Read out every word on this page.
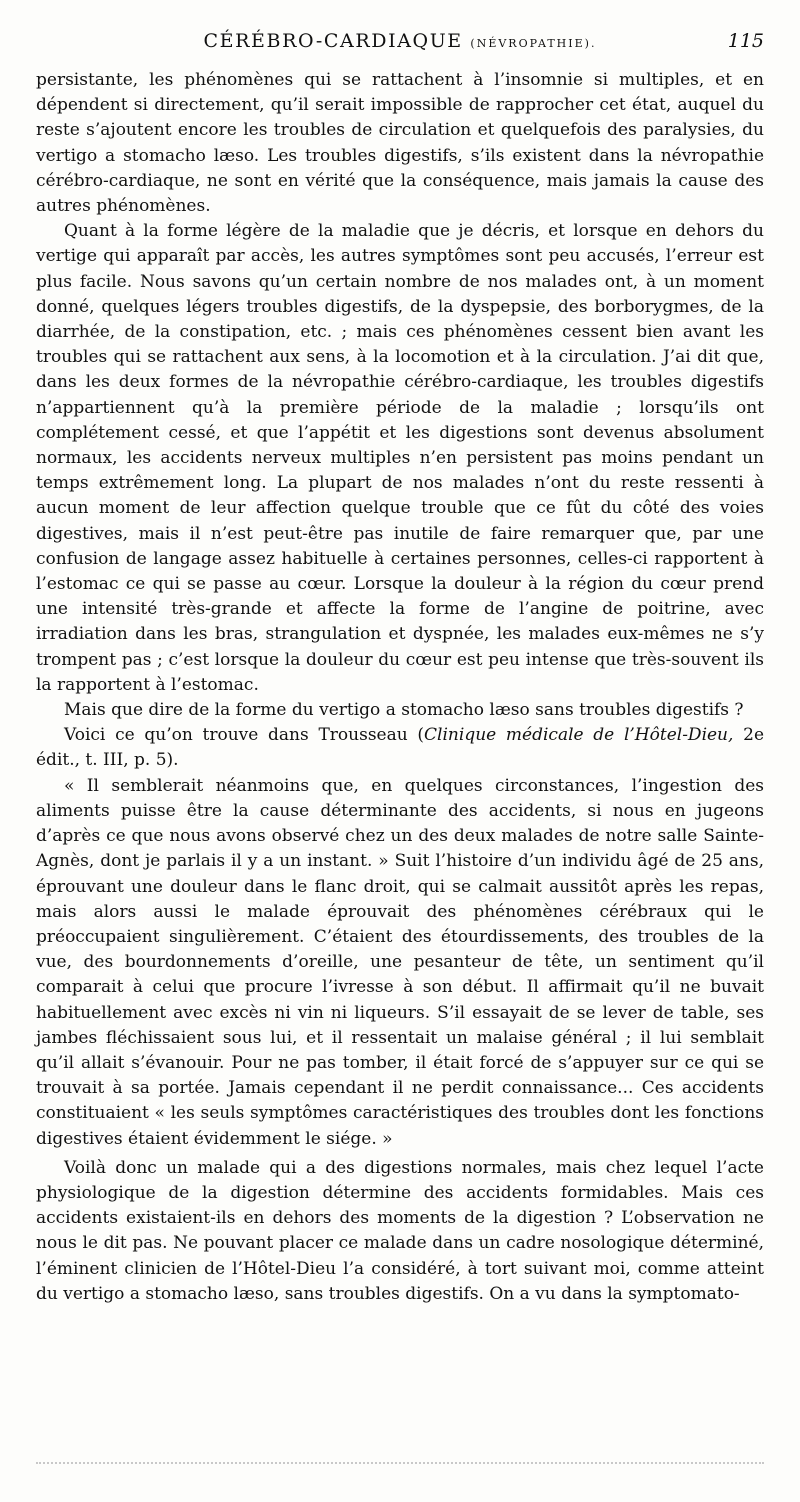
CÉRÉBRO-CARDIAQUE (NÉVROPATHIE).	115

persistante, les phénomènes qui se rattachent à l’insomnie si multiples, et en dépendent si directement, qu’il serait impossible de rapprocher cet état, auquel du reste s’ajoutent encore les troubles de circulation et quelquefois des paralysies, du vertigo a stomacho læso. Les troubles digestifs, s’ils existent dans la névropathie cérébro-cardiaque, ne sont en vérité que la conséquence, mais jamais la cause des autres phénomènes.

Quant à la forme légère de la maladie que je décris, et lorsque en dehors du vertige qui apparaît par accès, les autres symptômes sont peu accusés, l’erreur est plus facile. Nous savons qu’un certain nombre de nos malades ont, à un moment donné, quelques légers troubles digestifs, de la dyspepsie, des borborygmes, de la diarrhée, de la constipation, etc. ; mais ces phénomènes cessent bien avant les troubles qui se rattachent aux sens, à la locomotion et à la circulation. J’ai dit que, dans les deux formes de la névropathie cérébro-cardiaque, les troubles digestifs n’appartiennent qu’à la première période de la maladie ; lorsqu’ils ont complétement cessé, et que l’appétit et les digestions sont devenus absolument normaux, les accidents nerveux multiples n’en persistent pas moins pendant un temps extrêmement long. La plupart de nos malades n’ont du reste ressenti à aucun moment de leur affection quelque trouble que ce fût du côté des voies digestives, mais il n’est peut-être pas inutile de faire remarquer que, par une confusion de langage assez habituelle à certaines personnes, celles-ci rapportent à l’estomac ce qui se passe au cœur. Lorsque la douleur à la région du cœur prend une intensité très-grande et affecte la forme de l’angine de poitrine, avec irradiation dans les bras, strangulation et dyspnée, les malades eux-mêmes ne s’y trompent pas ; c’est lorsque la douleur du cœur est peu intense que très-souvent ils la rapportent à l’estomac.

Mais que dire de la forme du vertigo a stomacho læso sans troubles digestifs ?

Voici ce qu’on trouve dans Trousseau (Clinique médicale de l’Hôtel-Dieu, 2e édit., t. III, p. 5).

« Il semblerait néanmoins que, en quelques circonstances, l’ingestion des aliments puisse être la cause déterminante des accidents, si nous en jugeons d’après ce que nous avons observé chez un des deux malades de notre salle Sainte-Agnès, dont je parlais il y a un instant. » Suit l’histoire d’un individu âgé de 25 ans, éprouvant une douleur dans le flanc droit, qui se calmait aussitôt après les repas, mais alors aussi le malade éprouvait des phénomènes cérébraux qui le préoccupaient singulièrement. C’étaient des étourdissements, des troubles de la vue, des bourdonnements d’oreille, une pesanteur de tête, un sentiment qu’il comparait à celui que procure l’ivresse à son début. Il affirmait qu’il ne buvait habituellement avec excès ni vin ni liqueurs. S’il essayait de se lever de table, ses jambes fléchissaient sous lui, et il ressentait un malaise général ; il lui semblait qu’il allait s’évanouir. Pour ne pas tomber, il était forcé de s’appuyer sur ce qui se trouvait à sa portée. Jamais cependant il ne perdit connaissance... Ces accidents constituaient « les seuls symptômes caractéristiques des troubles dont les fonctions digestives étaient évidemment le siége. »

Voilà donc un malade qui a des digestions normales, mais chez lequel l’acte physiologique de la digestion détermine des accidents formidables. Mais ces accidents existaient-ils en dehors des moments de la digestion ? L’observation ne nous le dit pas. Ne pouvant placer ce malade dans un cadre nosologique déterminé, l’éminent clinicien de l’Hôtel-Dieu l’a considéré, à tort suivant moi, comme atteint du vertigo a stomacho læso, sans troubles digestifs. On a vu dans la symptomato-
